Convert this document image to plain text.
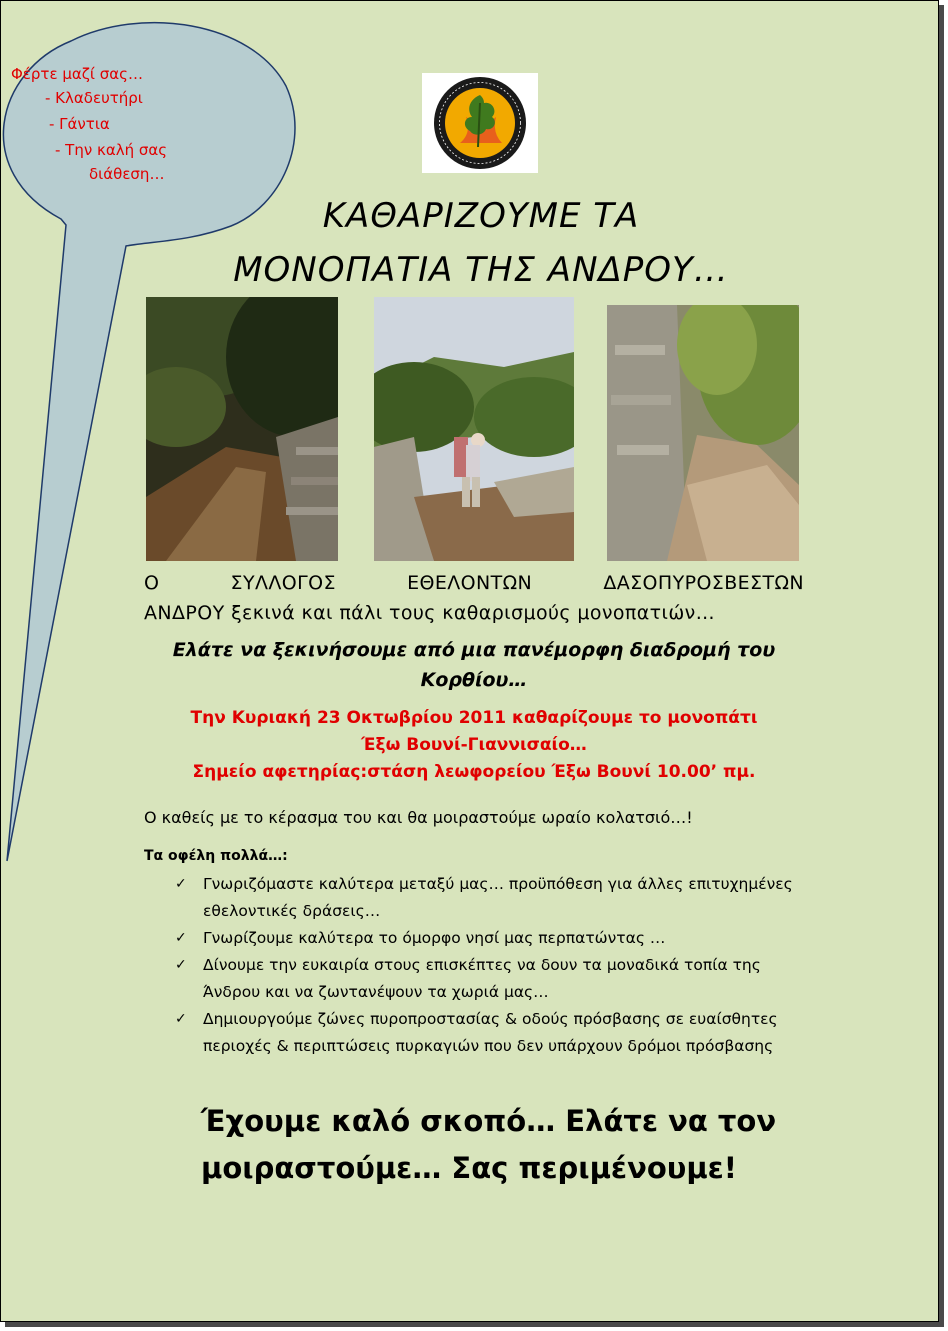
Φέρτε μαζί σας…
- Κλαδευτήρι
- Γάντια
- Την καλή σας
διάθεση…
ΚΑΘΑΡΙΖΟΥΜΕ ΤΑ
ΜΟΝΟΠΑΤΙΑ ΤΗΣ ΑΝΔΡΟΥ…
Ο ΣΥΛΛΟΓΟΣ ΕΘΕΛΟΝΤΩΝ ΔΑΣΟΠΥΡΟΣΒΕΣΤΩΝ
ΑΝΔΡΟΥ ξεκινά και πάλι τους καθαρισμούς μονοπατιών…
Ελάτε να ξεκινήσουμε από μια πανέμορφη διαδρομή του Κορθίου…
Την Κυριακή 23 Οκτωβρίου 2011 καθαρίζουμε το μονοπάτι
Έξω Βουνί-Γιαννισαίο…
Σημείο αφετηρίας:στάση λεωφορείου Έξω Βουνί 10.00’ πμ.
Ο καθείς με το κέρασμα του και θα μοιραστούμε ωραίο κολατσιό…!
Τα οφέλη πολλά…:
✓ Γνωριζόμαστε καλύτερα μεταξύ μας… προϋπόθεση για άλλες επιτυχημένες εθελοντικές δράσεις…
✓ Γνωρίζουμε καλύτερα το όμορφο νησί μας περπατώντας …
✓ Δίνουμε την ευκαιρία στους επισκέπτες να δουν τα μοναδικά τοπία της Άνδρου και να ζωντανέψουν τα χωριά μας…
✓ Δημιουργούμε ζώνες πυροπροστασίας & οδούς πρόσβασης σε ευαίσθητες περιοχές & περιπτώσεις πυρκαγιών που δεν υπάρχουν δρόμοι πρόσβασης
Έχουμε καλό σκοπό… Ελάτε να τον
μοιραστούμε… Σας περιμένουμε!
